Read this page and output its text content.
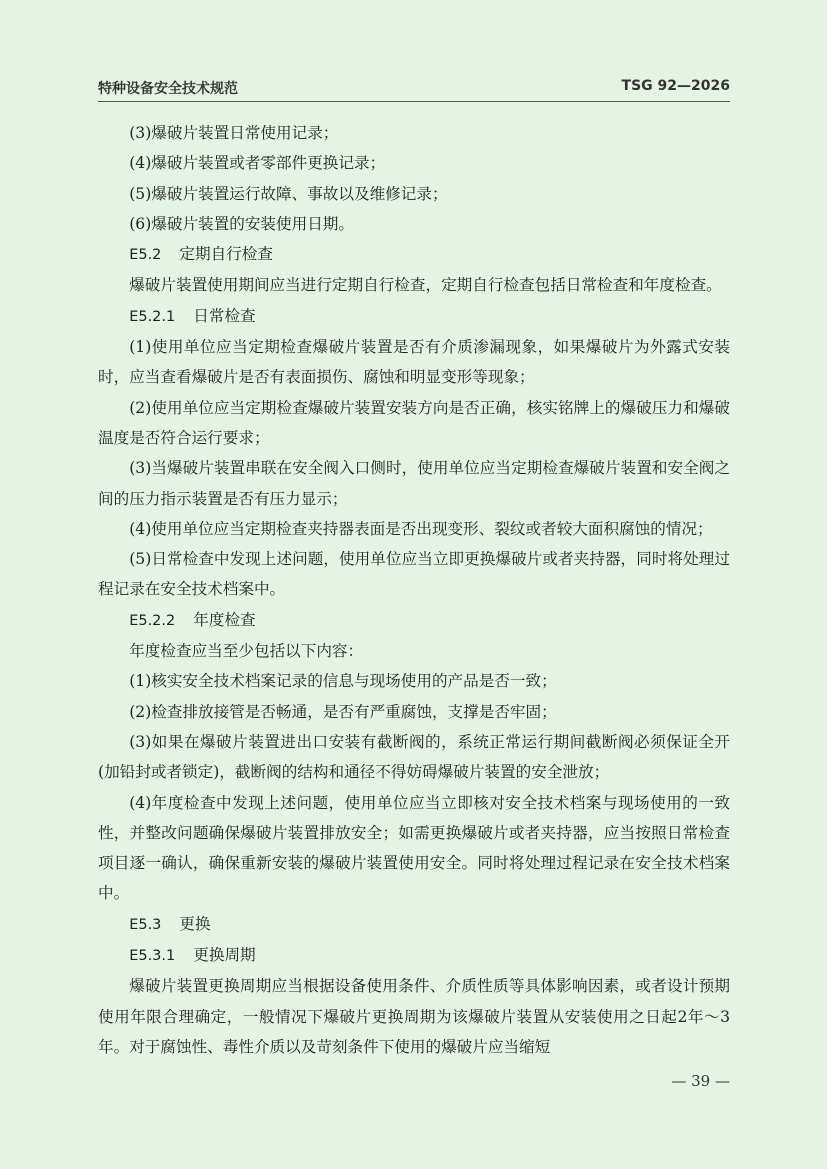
特种设备安全技术规范	TSG 92—2026

(3)爆破片装置日常使用记录；

(4)爆破片装置或者零部件更换记录；

(5)爆破片装置运行故障、事故以及维修记录；

(6)爆破片装置的安装使用日期。

E5.2 定期自行检查

爆破片装置使用期间应当进行定期自行检查，定期自行检查包括日常检查和年度检查。

E5.2.1 日常检查

(1)使用单位应当定期检查爆破片装置是否有介质渗漏现象，如果爆破片为外露式安装时，应当查看爆破片是否有表面损伤、腐蚀和明显变形等现象；

(2)使用单位应当定期检查爆破片装置安装方向是否正确，核实铭牌上的爆破压力和爆破温度是否符合运行要求；

(3)当爆破片装置串联在安全阀入口侧时，使用单位应当定期检查爆破片装置和安全阀之间的压力指示装置是否有压力显示；

(4)使用单位应当定期检查夹持器表面是否出现变形、裂纹或者较大面积腐蚀的情况；

(5)日常检查中发现上述问题，使用单位应当立即更换爆破片或者夹持器，同时将处理过程记录在安全技术档案中。

E5.2.2 年度检查

年度检查应当至少包括以下内容：

(1)核实安全技术档案记录的信息与现场使用的产品是否一致；

(2)检查排放接管是否畅通，是否有严重腐蚀，支撑是否牢固；

(3)如果在爆破片装置进出口安装有截断阀的，系统正常运行期间截断阀必须保证全开(加铅封或者锁定)，截断阀的结构和通径不得妨碍爆破片装置的安全泄放；

(4)年度检查中发现上述问题，使用单位应当立即核对安全技术档案与现场使用的一致性，并整改问题确保爆破片装置排放安全；如需更换爆破片或者夹持器，应当按照日常检查项目逐一确认，确保重新安装的爆破片装置使用安全。同时将处理过程记录在安全技术档案中。

E5.3 更换
E5.3.1 更换周期

爆破片装置更换周期应当根据设备使用条件、介质性质等具体影响因素，或者设计预期使用年限合理确定，一般情况下爆破片更换周期为该爆破片装置从安装使用之日起2年～3年。对于腐蚀性、毒性介质以及苛刻条件下使用的爆破片应当缩短

— 39 —
